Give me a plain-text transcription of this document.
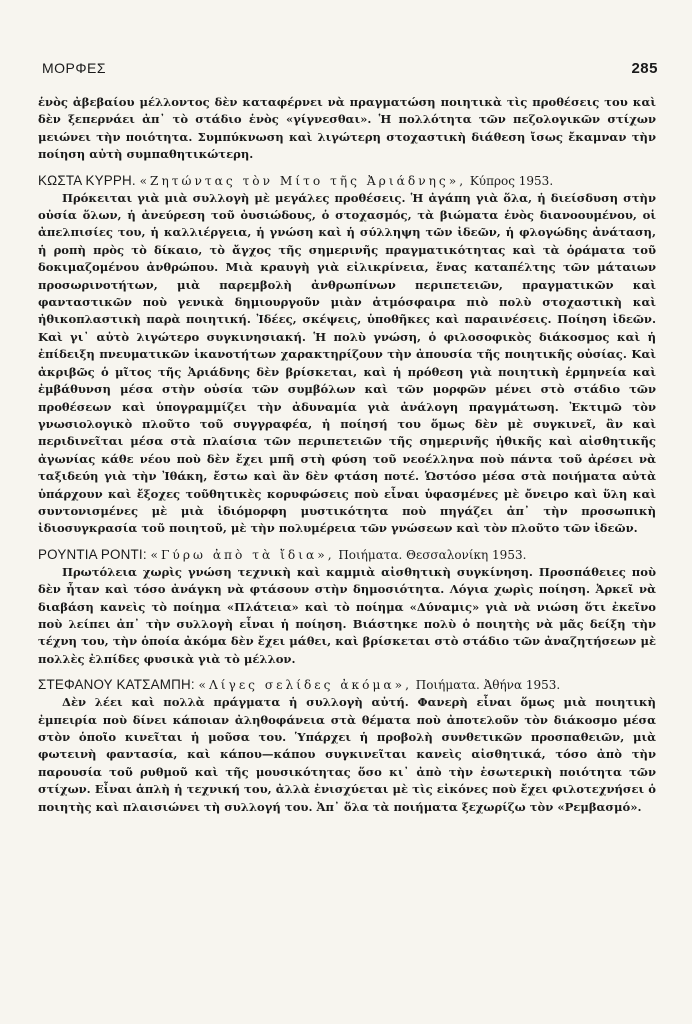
ΜΟΡΦΕΣ	285

ἑνὸς ἀβεβαίου μέλλοντος δὲν καταφέρνει νὰ πραγματώση ποιητικὰ τὶς προθέσεις του καὶ δὲν ξεπερνάει ἀπ᾽ τὸ στάδιο ἑνὸς «γίγνεσθαι». Ἡ πολλότητα τῶν πεζολογικῶν στίχων μειώνει τὴν ποιότητα. Συμπύκνωση καὶ λιγώτερη στοχαστικὴ διάθεση ἴσως ἔκαμναν τὴν ποίηση αὐτὴ συμπαθητικώτερη.

ΚΩΣΤΑ ΚΥΡΡΗ. «Ζητώντας τὸν Μίτο τῆς Ἀριάδνης», Κύπρος 1953.

Πρόκειται γιὰ μιὰ συλλογὴ μὲ μεγάλες προθέσεις. Ἡ ἀγάπη γιὰ ὅλα, ἡ διείσδυση στὴν οὐσία ὅλων, ἡ ἀνεύρεση τοῦ ὀυσιώδους, ὁ στοχασμός, τὰ βιώματα ἑνὸς διανοουμένου, οἱ ἀπελπισίες του, ἡ καλλιέργεια, ἡ γνώση καὶ ἡ σύλληψη τῶν ἰδεῶν, ἡ φλογώδης ἀνάταση, ἡ ροπὴ πρὸς τὸ δίκαιο, τὸ ἄγχος τῆς σημερινῆς πραγματικότητας καὶ τὰ ὁράματα τοῦ δοκιμαζομένου ἀνθρώπου. Μιὰ κραυγὴ γιὰ εἰλικρίνεια, ἕνας καταπέλτης τῶν μάταιων προσωρινοτήτων, μιὰ παρεμβολὴ ἀνθρωπίνων περιπετειῶν, πραγματικῶν καὶ φανταστικῶν ποὺ γενικὰ δημιουργοῦν μιὰν ἀτμόσφαιρα πιὸ πολὺ στοχαστικὴ καὶ ἠθικοπλαστικὴ παρὰ ποιητική. Ἰδέες, σκέψεις, ὑποθῆκες καὶ παραινέσεις. Ποίηση ἰδεῶν. Καὶ γι᾽ αὐτὸ λιγώτερο συγκινησιακή. Ἡ πολὺ γνώση, ὁ φιλοσοφικὸς διάκοσμος καὶ ἡ ἐπίδειξη πνευματικῶν ἱκανοτήτων χαρακτηρίζουν τὴν ἀπουσία τῆς ποιητικῆς οὐσίας. Καὶ ἀκριβῶς ὁ μῖτος τῆς Ἀριάδνης δὲν βρίσκεται, καὶ ἡ πρόθεση γιὰ ποιητικὴ ἑρμηνεία καὶ ἐμβάθυνση μέσα στὴν οὐσία τῶν συμβόλων καὶ τῶν μορφῶν μένει στὸ στάδιο τῶν προθέσεων καὶ ὑπογραμμίζει τὴν ἀδυναμία γιὰ ἀνάλογη πραγμάτωση. Ἐκτιμῶ τὸν γνωσιολογικὸ πλοῦτο τοῦ συγγραφέα, ἡ ποίησή του ὅμως δὲν μὲ συγκινεῖ, ἂν καὶ περιδινεῖται μέσα στὰ πλαίσια τῶν περιπετειῶν τῆς σημερινῆς ἠθικῆς καὶ αἰσθητικῆς ἀγωνίας κάθε νέου ποὺ δὲν ἔχει μπῆ στὴ φύση τοῦ νεοέλληνα ποὺ πάντα τοῦ ἀρέσει νὰ ταξιδεύη γιὰ τὴν Ἰθάκη, ἔστω καὶ ἂν δὲν φτάση ποτέ. Ὡστόσο μέσα στὰ ποιήματα αὐτὰ ὑπάρχουν καὶ ἔξοχες τοῦθητικὲς κορυφώσεις ποὺ εἶναι ὑφασμένες μὲ ὄνειρο καὶ ὕλη καὶ συντονισμένες μὲ μιὰ ἰδιόμορφη μυστικότητα ποὺ πηγάζει ἀπ᾽ τὴν προσωπικὴ ἰδιοσυγκρασία τοῦ ποιητοῦ, μὲ τὴν πολυμέρεια τῶν γνώσεων καὶ τὸν πλοῦτο τῶν ἰδεῶν.

ΡΟΥΝΤΙΑ ΡΟΝΤΙ: «Γύρω ἀπὸ τὰ ἴδια», Ποιήματα. Θεσσαλονίκη 1953.

Πρωτόλεια χωρὶς γνώση τεχνικὴ καὶ καμμιὰ αἰσθητικὴ συγκίνηση. Προσπάθειες ποὺ δὲν ἦταν καὶ τόσο ἀνάγκη νὰ φτάσουν στὴν δημοσιότητα. Λόγια χωρὶς ποίηση. Ἀρκεῖ νὰ διαβάση κανεὶς τὸ ποίημα «Πλάτεια» καὶ τὸ ποίημα «Δύναμις» γιὰ νὰ νιώση ὅτι ἐκεῖνο ποὺ λείπει ἀπ᾽ τὴν συλλογὴ εἶναι ἡ ποίηση. Βιάστηκε πολὺ ὁ ποιητὴς νὰ μᾶς δείξη τὴν τέχνη του, τὴν ὁποία ἀκόμα δὲν ἔχει μάθει, καὶ βρίσκεται στὸ στάδιο τῶν ἀναζητήσεων μὲ πολλὲς ἐλπίδες φυσικὰ γιὰ τὸ μέλλον.

ΣΤΕΦΑΝΟΥ ΚΑΤΣΑΜΠΗ: «Λίγες σελίδες ἀκόμα», Ποιήματα. Ἀθήνα 1953.

Δὲν λέει καὶ πολλὰ πράγματα ἡ συλλογὴ αὐτή. Φανερὴ εἶναι ὅμως μιὰ ποιητικὴ ἐμπειρία ποὺ δίνει κάποιαν ἀληθοφάνεια στὰ θέματα ποὺ ἀποτελοῦν τὸν διάκοσμο μέσα στὸν ὁποῖο κινεῖται ἡ μοῦσα του. Ὑπάρχει ἡ προβολὴ συνθετικῶν προσπαθειῶν, μιὰ φωτεινὴ φαντασία, καὶ κάπου—κάπου συγκινεῖται κανεὶς αἰσθητικά, τόσο ἀπὸ τὴν παρουσία τοῦ ρυθμοῦ καὶ τῆς μουσικότητας ὅσο κι᾽ ἀπὸ τὴν ἐσωτερικὴ ποιότητα τῶν στίχων. Εἶναι ἁπλὴ ἡ τεχνική του, ἀλλὰ ἐνισχύεται μὲ τὶς εἰκόνες ποὺ ἔχει φιλοτεχνήσει ὁ ποιητὴς καὶ πλαισιώνει τὴ συλλογή του. Ἀπ᾽ ὅλα τὰ ποιήματα ξεχωρίζω τὸν «Ρεμβασμό».
